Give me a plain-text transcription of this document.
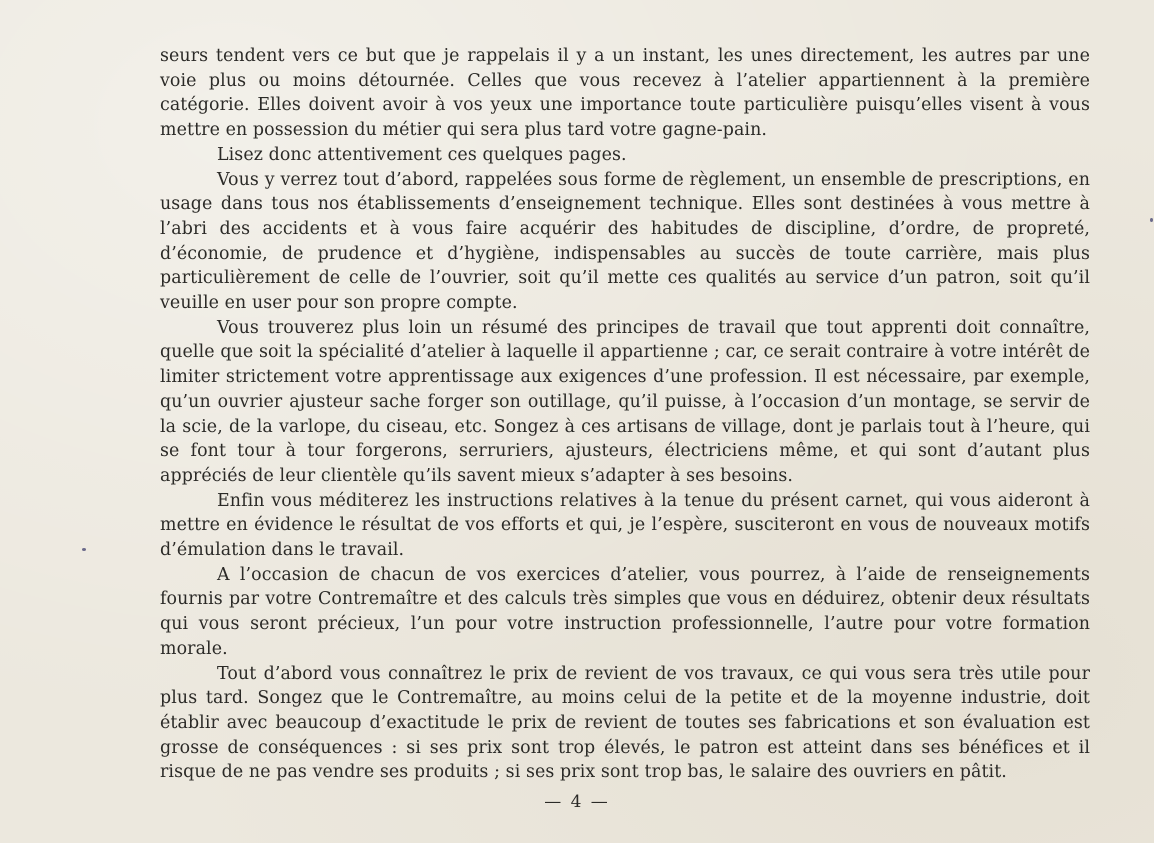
seurs tendent vers ce but que je rappelais il y a un instant, les unes directement, les autres par une voie plus ou moins détournée. Celles que vous recevez à l’atelier appartiennent à la première catégorie. Elles doivent avoir à vos yeux une importance toute particulière puisqu’elles visent à vous mettre en possession du métier qui sera plus tard votre gagne-pain.

Lisez donc attentivement ces quelques pages.

Vous y verrez tout d’abord, rappelées sous forme de règlement, un ensemble de prescriptions, en usage dans tous nos établissements d’enseignement technique. Elles sont destinées à vous mettre à l’abri des accidents et à vous faire acquérir des habitudes de discipline, d’ordre, de propreté, d’économie, de prudence et d’hygiène, indispensables au succès de toute carrière, mais plus particulièrement de celle de l’ouvrier, soit qu’il mette ces qualités au service d’un patron, soit qu’il veuille en user pour son propre compte.

Vous trouverez plus loin un résumé des principes de travail que tout apprenti doit connaître, quelle que soit la spécialité d’atelier à laquelle il appartienne ; car, ce serait contraire à votre intérêt de limiter strictement votre apprentissage aux exigences d’une profession. Il est nécessaire, par exemple, qu’un ouvrier ajusteur sache forger son outillage, qu’il puisse, à l’occasion d’un montage, se servir de la scie, de la varlope, du ciseau, etc. Songez à ces artisans de village, dont je parlais tout à l’heure, qui se font tour à tour forgerons, serruriers, ajusteurs, électriciens même, et qui sont d’autant plus appréciés de leur clientèle qu’ils savent mieux s’adapter à ses besoins.

Enfin vous méditerez les instructions relatives à la tenue du présent carnet, qui vous aideront à mettre en évidence le résultat de vos efforts et qui, je l’espère, susciteront en vous de nouveaux motifs d’émulation dans le travail.

A l’occasion de chacun de vos exercices d’atelier, vous pourrez, à l’aide de renseignements fournis par votre Contremaître et des calculs très simples que vous en déduirez, obtenir deux résultats qui vous seront précieux, l’un pour votre instruction professionnelle, l’autre pour votre formation morale.

Tout d’abord vous connaîtrez le prix de revient de vos travaux, ce qui vous sera très utile pour plus tard. Songez que le Contremaître, au moins celui de la petite et de la moyenne industrie, doit établir avec beaucoup d’exactitude le prix de revient de toutes ses fabrications et son évaluation est grosse de conséquences : si ses prix sont trop élevés, le patron est atteint dans ses bénéfices et il risque de ne pas vendre ses produits ; si ses prix sont trop bas, le salaire des ouvriers en pâtit.

— 4 —
